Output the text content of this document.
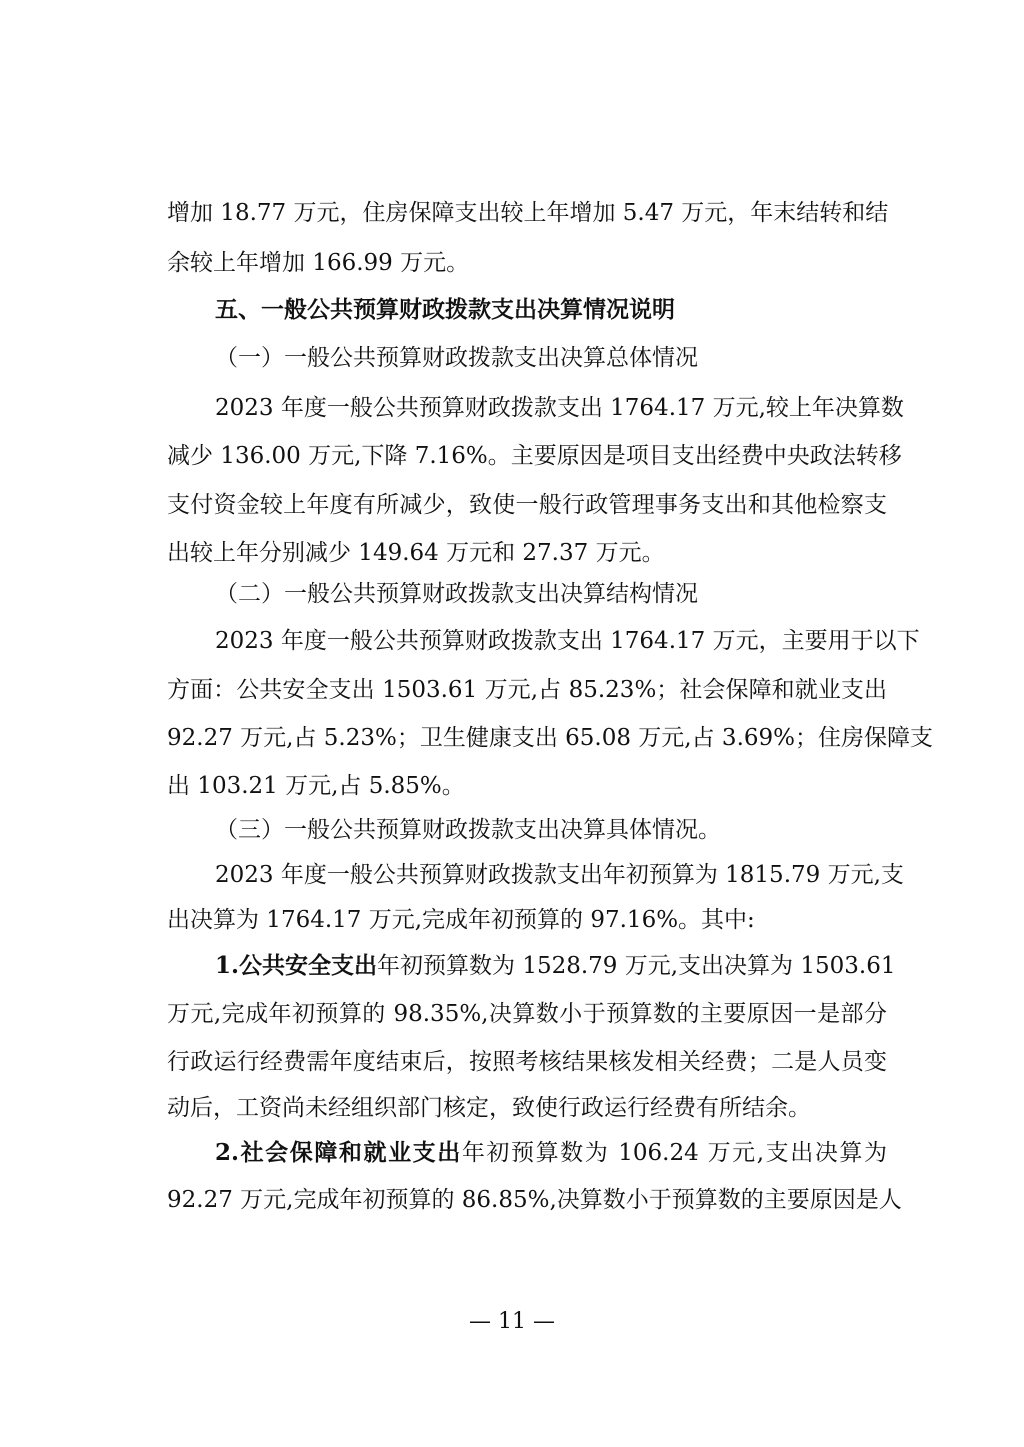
增加 18.77 万元，住房保障支出较上年增加 5.47 万元，年末结转和结
余较上年增加 166.99 万元。
五、一般公共预算财政拨款支出决算情况说明
（一）一般公共预算财政拨款支出决算总体情况
2023 年度一般公共预算财政拨款支出 1764.17 万元,较上年决算数
减少 136.00 万元,下降 7.16%。主要原因是项目支出经费中央政法转移
支付资金较上年度有所减少，致使一般行政管理事务支出和其他检察支
出较上年分别减少 149.64 万元和 27.37 万元。
（二）一般公共预算财政拨款支出决算结构情况
2023 年度一般公共预算财政拨款支出 1764.17 万元，主要用于以下
方面：公共安全支出 1503.61 万元,占 85.23%；社会保障和就业支出
92.27 万元,占 5.23%；卫生健康支出 65.08 万元,占 3.69%；住房保障支
出 103.21 万元,占 5.85%。
（三）一般公共预算财政拨款支出决算具体情况。
2023 年度一般公共预算财政拨款支出年初预算为 1815.79 万元,支
出决算为 1764.17 万元,完成年初预算的 97.16%。其中:
1.公共安全支出年初预算数为 1528.79 万元,支出决算为 1503.61
万元,完成年初预算的 98.35%,决算数小于预算数的主要原因一是部分
行政运行经费需年度结束后，按照考核结果核发相关经费；二是人员变
动后，工资尚未经组织部门核定，致使行政运行经费有所结余。
2.社会保障和就业支出年初预算数为 106.24 万元,支出决算为
92.27 万元,完成年初预算的 86.85%,决算数小于预算数的主要原因是人
— 11 —
